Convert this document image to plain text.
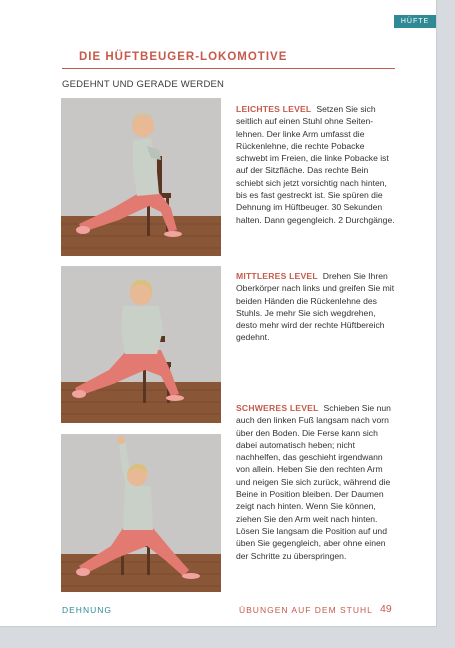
HÜFTE
DIE HÜFTBEUGER-LOKOMOTIVE
GEDEHNT UND GERADE WERDEN
LEICHTES LEVEL Setzen Sie sich seitlich auf einen Stuhl ohne Seitenlehnen. Der linke Arm umfasst die Rückenlehne, die rechte Pobacke schwebt im Freien, die linke Pobacke ist auf der Sitzfläche. Das rechte Bein schiebt sich jetzt vorsichtig nach hinten, bis es fast gestreckt ist. Sie spüren die Dehnung im Hüftbeuger. 30 Sekunden halten. Dann gegengleich. 2 Durchgänge.
MITTLERES LEVEL Drehen Sie Ihren Oberkörper nach links und greifen Sie mit beiden Händen die Rückenlehne des Stuhls. Je mehr Sie sich wegdrehen, desto mehr wird der rechte Hüftbereich gedehnt.
SCHWERES LEVEL Schieben Sie nun auch den linken Fuß langsam nach vorn über den Boden. Die Ferse kann sich dabei automatisch heben; nicht nachhelfen, das geschieht irgendwann von allein. Heben Sie den rechten Arm und neigen Sie sich zurück, während die Beine in Position bleiben. Der Daumen zeigt nach hinten. Wenn Sie können, ziehen Sie den Arm weit nach hinten. Lösen Sie langsam die Position auf und üben Sie gegengleich, aber ohne einen der Schritte zu überspringen.
DEHNUNG	ÜBUNGEN AUF DEM STUHL 49
